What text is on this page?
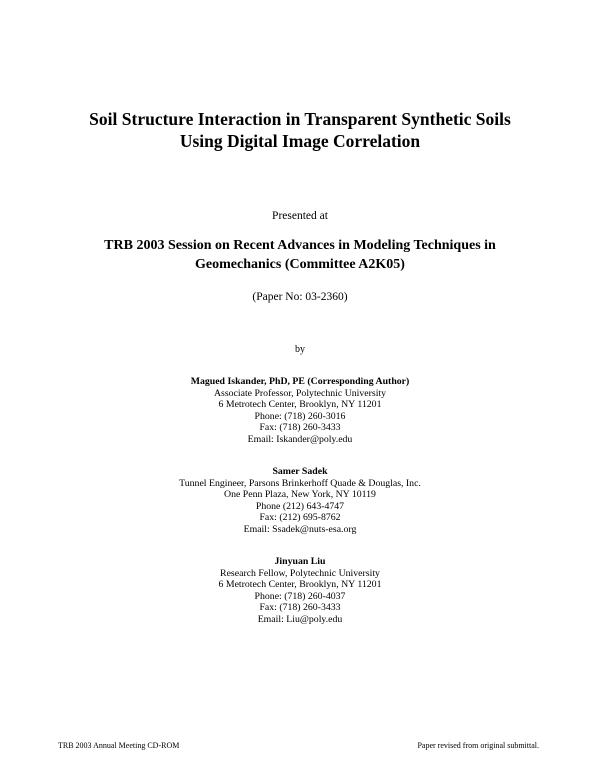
Soil Structure Interaction in Transparent Synthetic Soils
Using Digital Image Correlation
Presented at
TRB 2003 Session on Recent Advances in Modeling Techniques in
Geomechanics (Committee A2K05)
(Paper No: 03-2360)
by
Magued Iskander, PhD, PE (Corresponding Author)
Associate Professor, Polytechnic University
6 Metrotech Center, Brooklyn, NY 11201
Phone: (718) 260-3016
Fax: (718) 260-3433
Email: Iskander@poly.edu
Samer Sadek
Tunnel Engineer, Parsons Brinkerhoff Quade & Douglas, Inc.
One Penn Plaza, New York, NY 10119
Phone (212) 643-4747
Fax: (212) 695-8762
Email: Ssadek@nuts-esa.org
Jinyuan Liu
Research Fellow, Polytechnic University
6 Metrotech Center, Brooklyn, NY 11201
Phone: (718) 260-4037
Fax: (718) 260-3433
Email: Liu@poly.edu
TRB 2003 Annual Meeting CD-ROM	Paper revised from original submittal.
